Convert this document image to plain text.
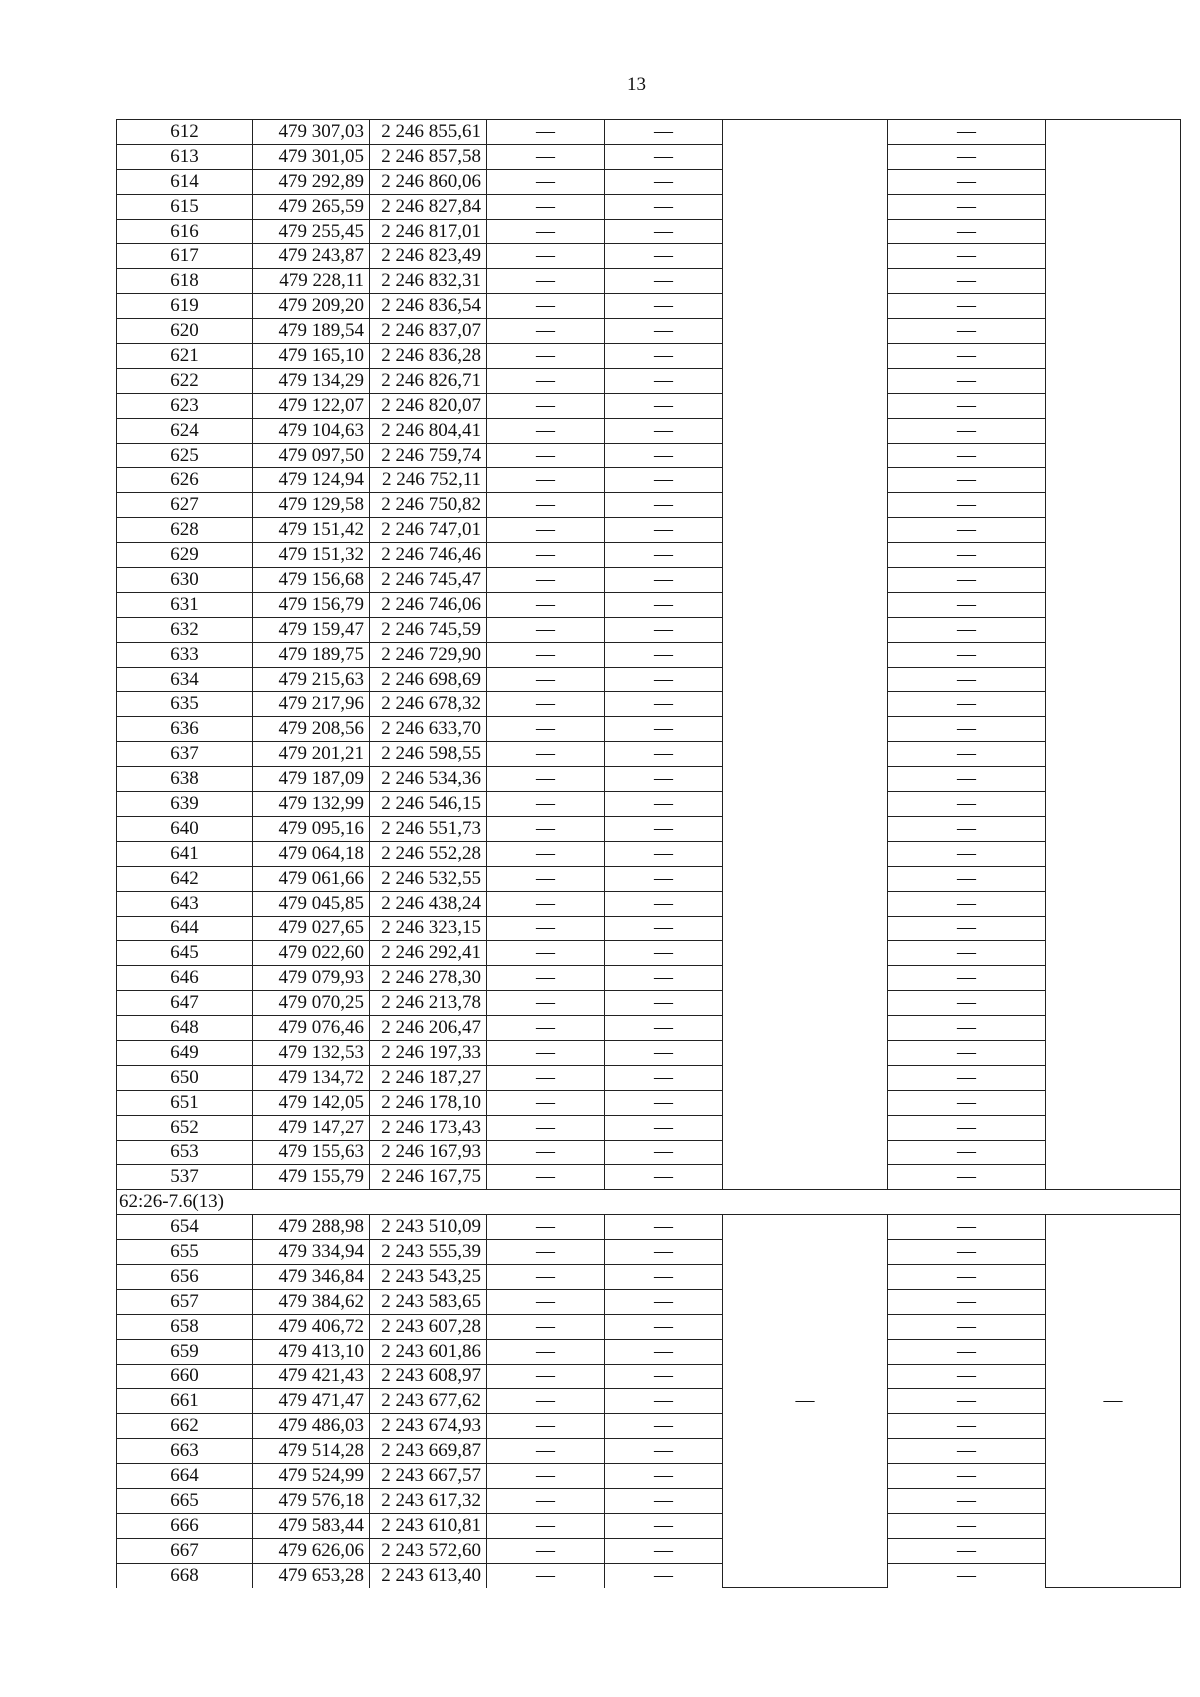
13
612	479 307,03	2 246 855,61	—	—		—	
613	479 301,05	2 246 857,58	—	—		—	
614	479 292,89	2 246 860,06	—	—		—	
615	479 265,59	2 246 827,84	—	—		—	
616	479 255,45	2 246 817,01	—	—		—	
617	479 243,87	2 246 823,49	—	—		—	
618	479 228,11	2 246 832,31	—	—		—	
619	479 209,20	2 246 836,54	—	—		—	
620	479 189,54	2 246 837,07	—	—		—	
621	479 165,10	2 246 836,28	—	—		—	
622	479 134,29	2 246 826,71	—	—		—	
623	479 122,07	2 246 820,07	—	—		—	
624	479 104,63	2 246 804,41	—	—		—	
625	479 097,50	2 246 759,74	—	—		—	
626	479 124,94	2 246 752,11	—	—		—	
627	479 129,58	2 246 750,82	—	—		—	
628	479 151,42	2 246 747,01	—	—		—	
629	479 151,32	2 246 746,46	—	—		—	
630	479 156,68	2 246 745,47	—	—		—	
631	479 156,79	2 246 746,06	—	—		—	
632	479 159,47	2 246 745,59	—	—		—	
633	479 189,75	2 246 729,90	—	—		—	
634	479 215,63	2 246 698,69	—	—		—	
635	479 217,96	2 246 678,32	—	—		—	
636	479 208,56	2 246 633,70	—	—		—	
637	479 201,21	2 246 598,55	—	—		—	
638	479 187,09	2 246 534,36	—	—		—	
639	479 132,99	2 246 546,15	—	—		—	
640	479 095,16	2 246 551,73	—	—		—	
641	479 064,18	2 246 552,28	—	—		—	
642	479 061,66	2 246 532,55	—	—		—	
643	479 045,85	2 246 438,24	—	—		—	
644	479 027,65	2 246 323,15	—	—		—	
645	479 022,60	2 246 292,41	—	—		—	
646	479 079,93	2 246 278,30	—	—		—	
647	479 070,25	2 246 213,78	—	—		—	
648	479 076,46	2 246 206,47	—	—		—	
649	479 132,53	2 246 197,33	—	—		—	
650	479 134,72	2 246 187,27	—	—		—	
651	479 142,05	2 246 178,10	—	—		—	
652	479 147,27	2 246 173,43	—	—		—	
653	479 155,63	2 246 167,93	—	—		—	
537	479 155,79	2 246 167,75	—	—		—	
62:26-7.6(13)							
654	479 288,98	2 243 510,09	—	—	—	—	—
655	479 334,94	2 243 555,39	—	—		—	
656	479 346,84	2 243 543,25	—	—		—	
657	479 384,62	2 243 583,65	—	—		—	
658	479 406,72	2 243 607,28	—	—		—	
659	479 413,10	2 243 601,86	—	—		—	
660	479 421,43	2 243 608,97	—	—		—	
661	479 471,47	2 243 677,62	—	—		—	
662	479 486,03	2 243 674,93	—	—		—	
663	479 514,28	2 243 669,87	—	—		—	
664	479 524,99	2 243 667,57	—	—		—	
665	479 576,18	2 243 617,32	—	—		—	
666	479 583,44	2 243 610,81	—	—		—	
667	479 626,06	2 243 572,60	—	—		—	
668	479 653,28	2 243 613,40	—	—		—	
